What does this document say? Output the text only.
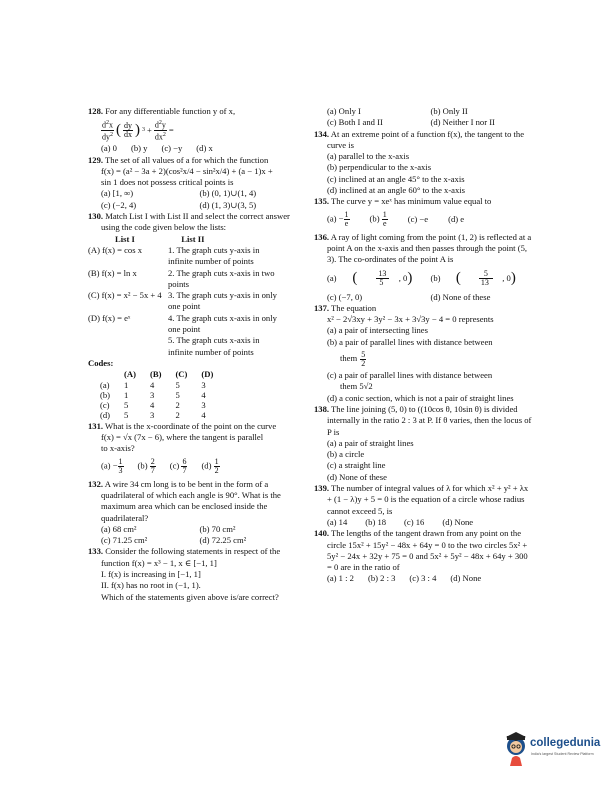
128. For any differentiable function y of x,

$\frac{d^2x}{dy^2}$ ( $\frac{dy}{dx}$ ) $3 + \frac{d^2y}{dx^2}$ =
(a) 0 (b) y (c) −y (d) x

129. The set of all values of a for which the function

f(x) = (a² − 3a + 2)(cos²x/4 − sin²x/4) + (a − 1)x +
sin 1 does not possess critical points is
(a) [1, ∞)	(b) (0, 1)∪(1, 4)
(c) (−2, 4)	(d) (1, 3)∪(3, 5)

130. Match List I with List II and select the correct answer using the code given below the lists:

List I	List II
(A) f(x) = cos x	1. The graph cuts y-axis in infinite number of points
(B) f(x) = ln x	2. The graph cuts x-axis in two points
(C) f(x) = x² − 5x + 4 3. The graph cuts y-axis in only one point
(D) f(x) = eˣ	4. The graph cuts x-axis in only one point
5. The graph cuts x-axis in infinite number of points
Codes:
	(A)	(B)	(C)	(D)
(a)	1	4	5	3
(b)	1	3	5	4
(c)	5	4	2	3
(d)	5	3	2	4

131. What is the x-coordinate of the point on the curve

f(x) = √x (7x − 6), where the tangent is parallel
to x-axis?
$(a) - \frac{1}{3} (b) \frac{2}{7} (c) \frac{6}{7} (d) \frac{1}{2}$

132. A wire 34 cm long is to be bent in the form of a quadrilateral of which each angle is 90°. What is the maximum area which can be enclosed inside the quadrilateral?

(a) 68 cm²	(b) 70 cm²
(c) 71.25 cm²	(d) 72.25 cm²

133. Consider the following statements in respect of the function f(x) = x³ − 1, x ∈ [−1, 1]

I. f(x) is increasing in [−1, 1]
II. f(x) has no root in (−1, 1).
Which of the statements given above is/are correct?
(a) Only I	(b) Only II
(c) Both I and II	(d) Neither I nor II

134. At an extreme point of a function f(x), the tangent to the curve is

(a) parallel to the x-axis
(b) perpendicular to the x-axis
(c) inclined at an angle 45° to the x-axis
(d) inclined at an angle 60° to the x-axis

135. The curve y = xeˣ has minimum value equal to

$(a) - \frac{1}{e} (b) \frac{1}{e} (c) -e$ (d) e

136. A ray of light coming from the point (1, 2) is reflected at a point A on the x-axis and then passes through the point (5, 3). The co-ordinates of the point A is

(a)
	(	$\frac{13}{5}$ , 0 )	(b)
	(	$\frac{5}{13}$ , 0 )
(c) (−7, 0)	(d) None of these

137. The equation

x² − 2√3xy + 3y² − 3x + 3√3y − 4 = 0 represents
(a) a pair of intersecting lines
(b) a pair of parallel lines with distance between
them $\frac{5}{2}$
(c) a pair of parallel lines with distance between
them 5√2
(d) a conic section, which is not a pair of straight lines

138. The line joining (5, 0) to ((10cos θ, 10sin θ) is divided internally in the ratio 2 : 3 at P. If θ varies, then the locus of P is

(a) a pair of straight lines
(b) a circle
(c) a straight line
(d) None of these

139. The number of integral values of λ for which x² + y² + λx + (1 − λ)y + 5 = 0 is the equation of a circle whose radius cannot exceed 5, is

(a) 14 (b) 18 (c) 16 (d) None

140. The lengths of the tangent drawn from any point on the circle 15x² + 15y² − 48x + 64y = 0 to the two circles 5x² + 5y² − 24x + 32y + 75 = 0 and 5x² + 5y² − 48x + 64y + 300 = 0 are in the ratio of

(a) 1 : 2 (b) 2 : 3 (c) 3 : 4 (d) None
collegedunia
India's largest Student Review Platform
